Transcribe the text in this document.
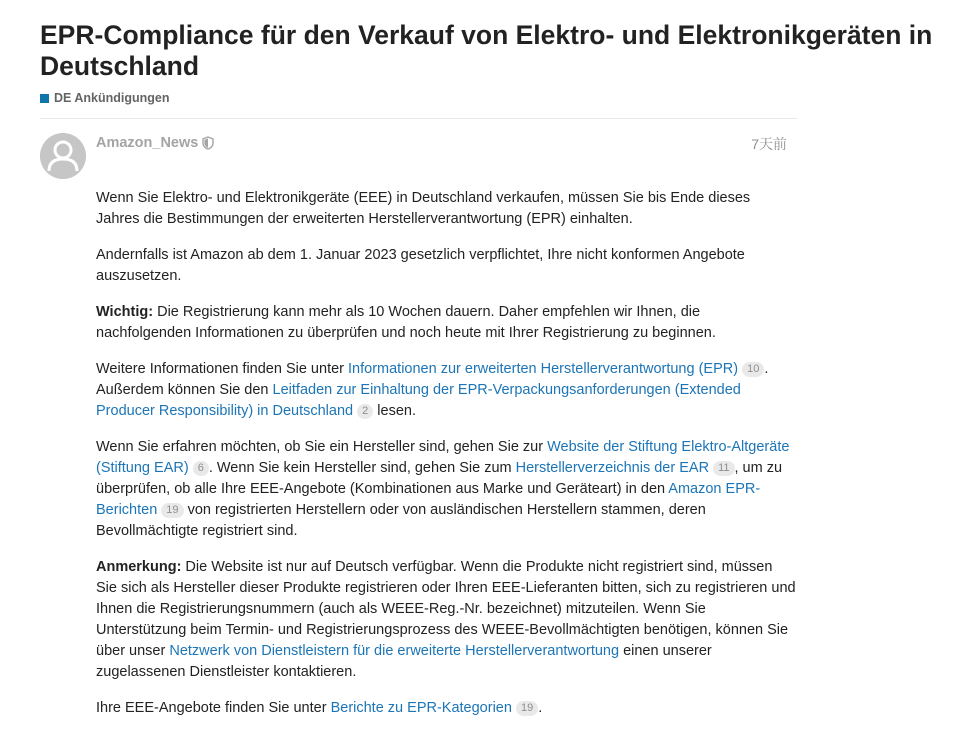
EPR-Compliance für den Verkauf von Elektro- und Elektronikgeräten in Deutschland
DE Ankündigungen
Amazon_News	7天前

Wenn Sie Elektro- und Elektronikgeräte (EEE) in Deutschland verkaufen, müssen Sie bis Ende dieses Jahres die Bestimmungen der erweiterten Herstellerverantwortung (EPR) einhalten.

Andernfalls ist Amazon ab dem 1. Januar 2023 gesetzlich verpflichtet, Ihre nicht konformen Angebote auszusetzen.

Wichtig: Die Registrierung kann mehr als 10 Wochen dauern. Daher empfehlen wir Ihnen, die nachfolgenden Informationen zu überprüfen und noch heute mit Ihrer Registrierung zu beginnen.

Weitere Informationen finden Sie unter Informationen zur erweiterten Herstellerverantwortung (EPR) 10 . Außerdem können Sie den Leitfaden zur Einhaltung der EPR-Verpackungsanforderungen (Extended Producer Responsibility) in Deutschland 2 lesen.

Wenn Sie erfahren möchten, ob Sie ein Hersteller sind, gehen Sie zur Website der Stiftung Elektro-Altgeräte (Stiftung EAR) 6 . Wenn Sie kein Hersteller sind, gehen Sie zum Herstellerverzeichnis der EAR 11 , um zu überprüfen, ob alle Ihre EEE-Angebote (Kombinationen aus Marke und Geräteart) in den Amazon EPR-Berichten 19 von registrierten Herstellern oder von ausländischen Herstellern stammen, deren Bevollmächtigte registriert sind.

Anmerkung: Die Website ist nur auf Deutsch verfügbar. Wenn die Produkte nicht registriert sind, müssen Sie sich als Hersteller dieser Produkte registrieren oder Ihren EEE-Lieferanten bitten, sich zu registrieren und Ihnen die Registrierungsnummern (auch als WEEE-Reg.-Nr. bezeichnet) mitzuteilen. Wenn Sie Unterstützung beim Termin- und Registrierungsprozess des WEEE-Bevollmächtigten benötigen, können Sie über unser Netzwerk von Dienstleistern für die erweiterte Herstellerverantwortung einen unserer zugelassenen Dienstleister kontaktieren.

Ihre EEE-Angebote finden Sie unter Berichte zu EPR-Kategorien 19 .
